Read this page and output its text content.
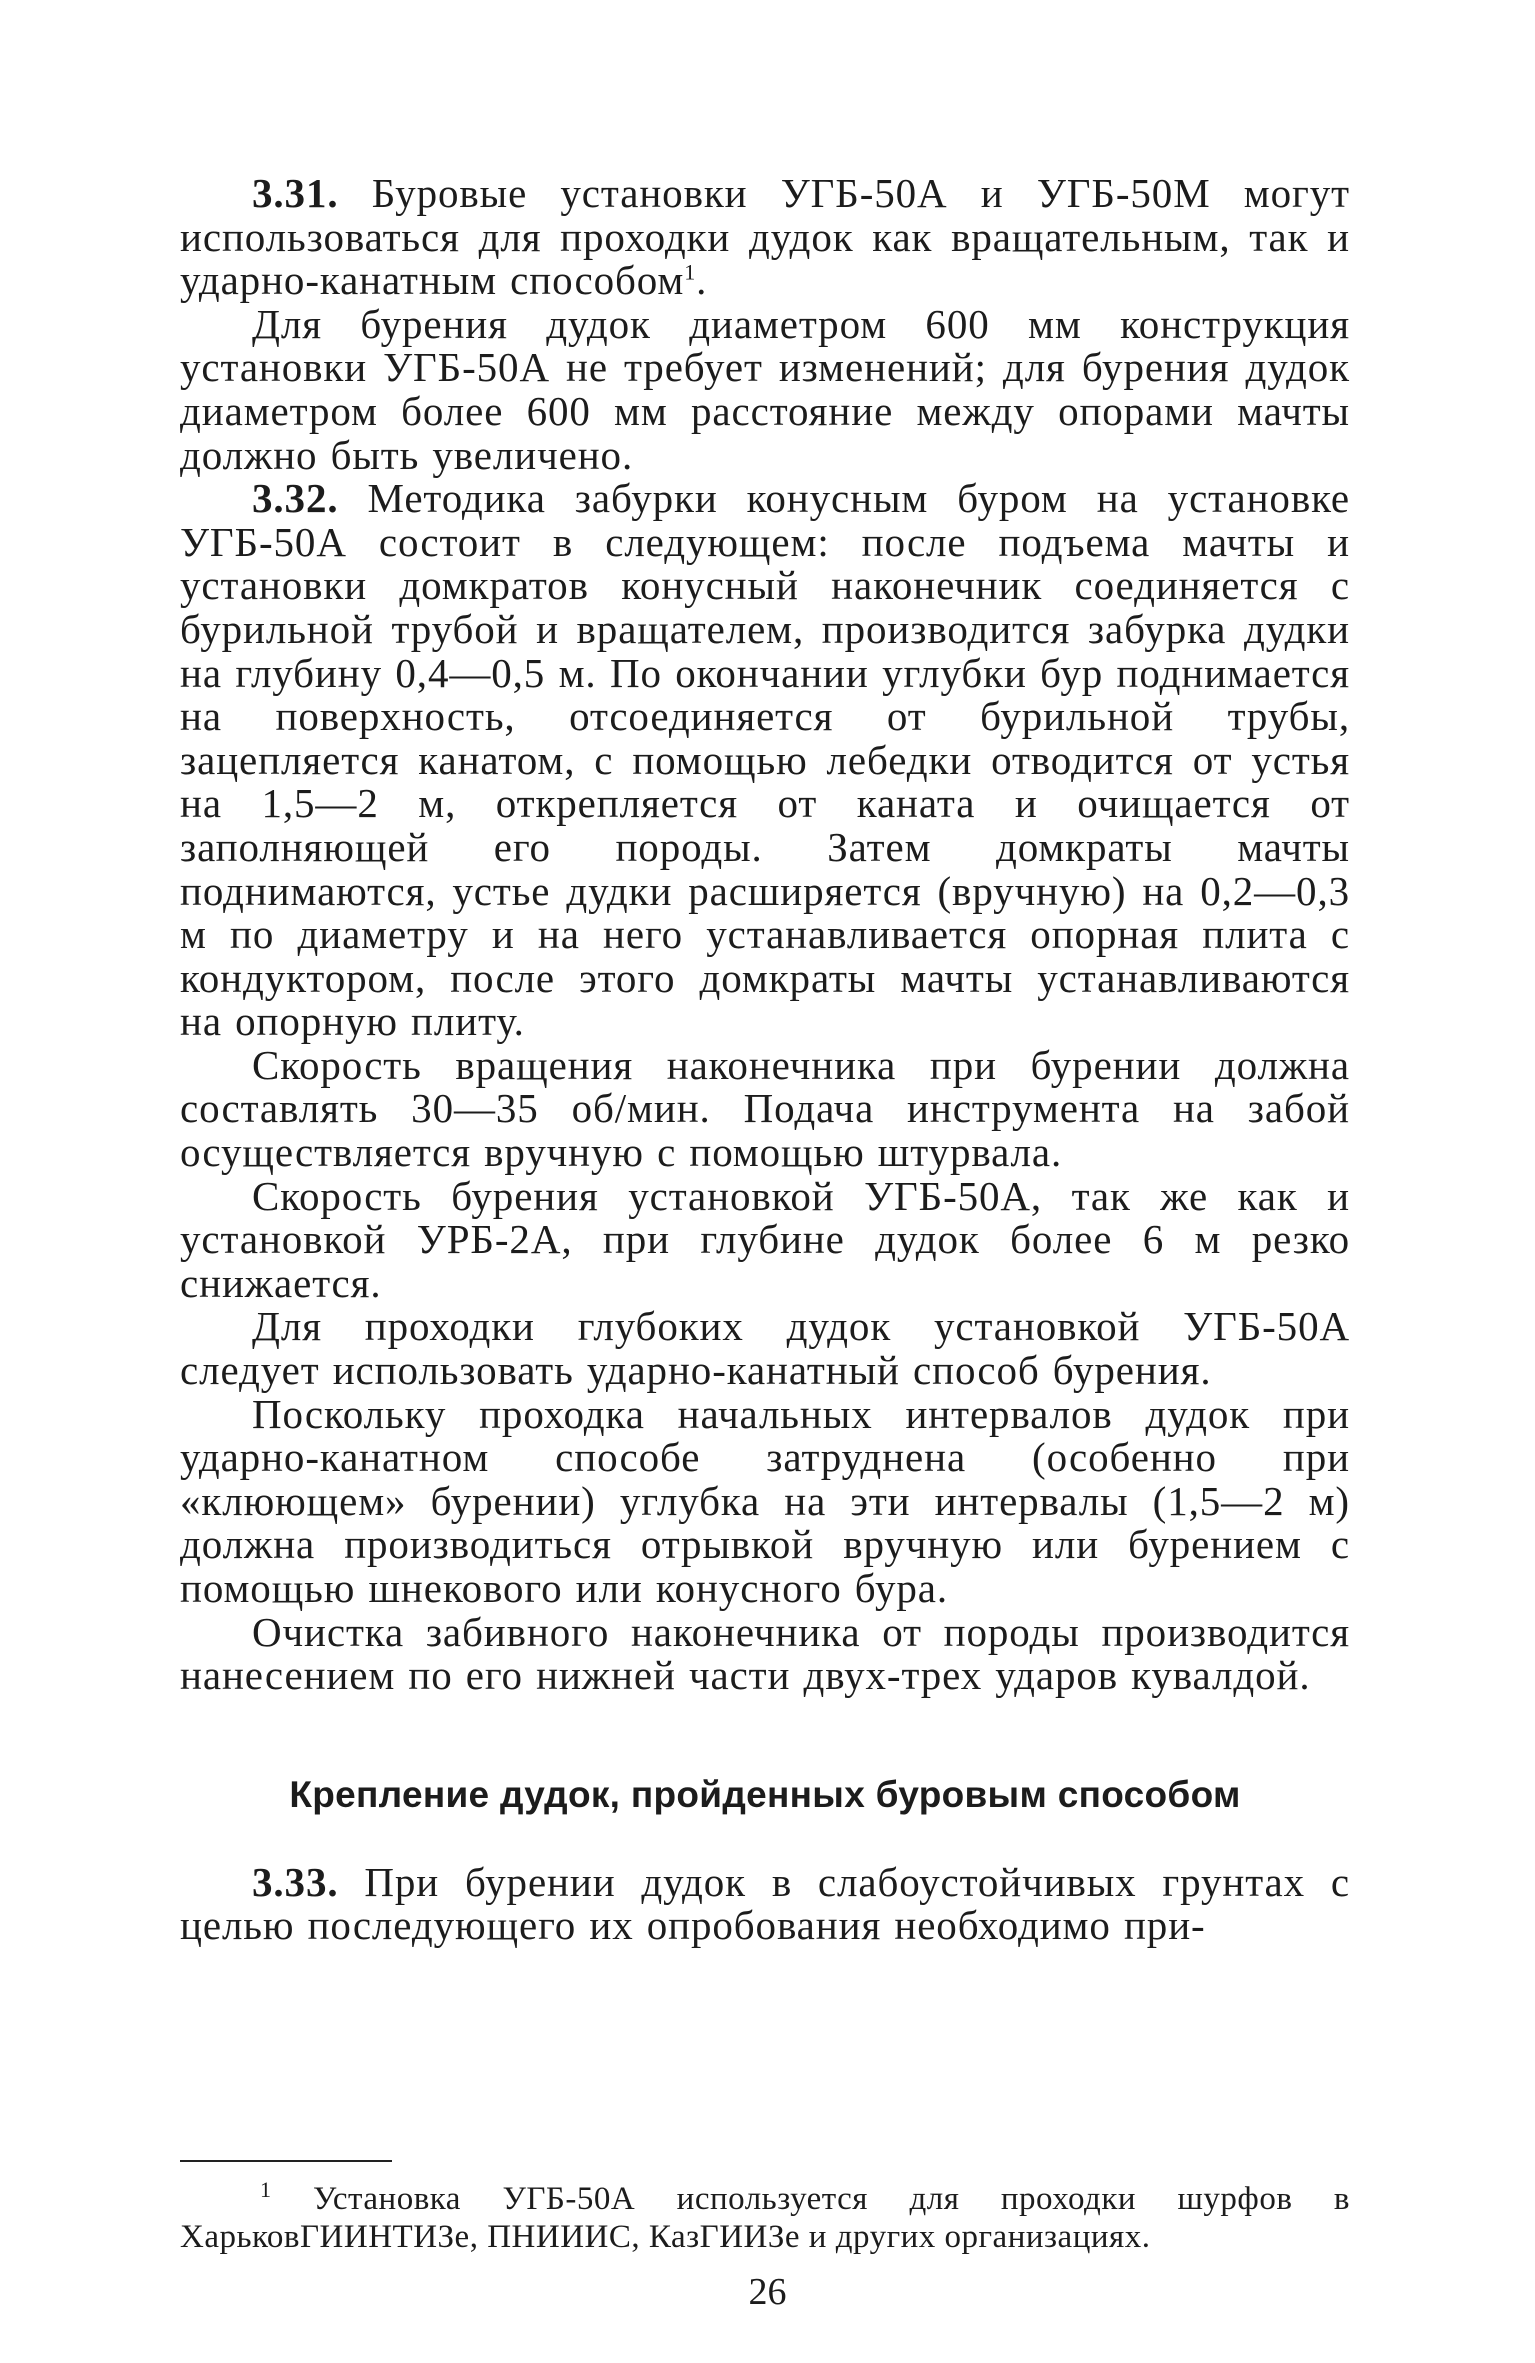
3.31. Буровые установки УГБ-50А и УГБ-50М могут использоваться для проходки дудок как вращательным, так и ударно-канатным способом$^1$.

Для бурения дудок диаметром 600 мм конструкция установки УГБ-50А не требует изменений; для бурения дудок диаметром более 600 мм расстояние между опорами мачты должно быть увеличено.

3.32. Методика забурки конусным буром на установке УГБ-50А состоит в следующем: после подъема мачты и установки домкратов конусный наконечник соединяется с бурильной трубой и вращателем, производится забурка дудки на глубину 0,4—0,5 м. По окончании углубки бур поднимается на поверхность, отсоединяется от бурильной трубы, зацепляется канатом, с помощью лебедки отводится от устья на 1,5—2 м, открепляется от каната и очищается от заполняющей его породы. Затем домкраты мачты поднимаются, устье дудки расширяется (вручную) на 0,2—0,3 м по диаметру и на него устанавливается опорная плита с кондуктором, после этого домкраты мачты устанавливаются на опорную плиту.

Скорость вращения наконечника при бурении должна составлять 30—35 об/мин. Подача инструмента на забой осуществляется вручную с помощью штурвала.

Скорость бурения установкой УГБ-50А, так же как и установкой УРБ-2А, при глубине дудок более 6 м резко снижается.

Для проходки глубоких дудок установкой УГБ-50А следует использовать ударно-канатный способ бурения.

Поскольку проходка начальных интервалов дудок при ударно-канатном способе затруднена (особенно при «клюющем» бурении) углубка на эти интервалы (1,5—2 м) должна производиться отрывкой вручную или бурением с помощью шнекового или конусного бура.

Очистка забивного наконечника от породы производится нанесением по его нижней части двух-трех ударов кувалдой.

Крепление дудок, пройденных буровым способом

3.33. При бурении дудок в слабоустойчивых грунтах с целью последующего их опробования необходимо при-

$^1$ Установка УГБ-50А используется для проходки шурфов в ХарьковГИИНТИЗе, ПНИИИС, КазГИИЗе и других организациях.
26
